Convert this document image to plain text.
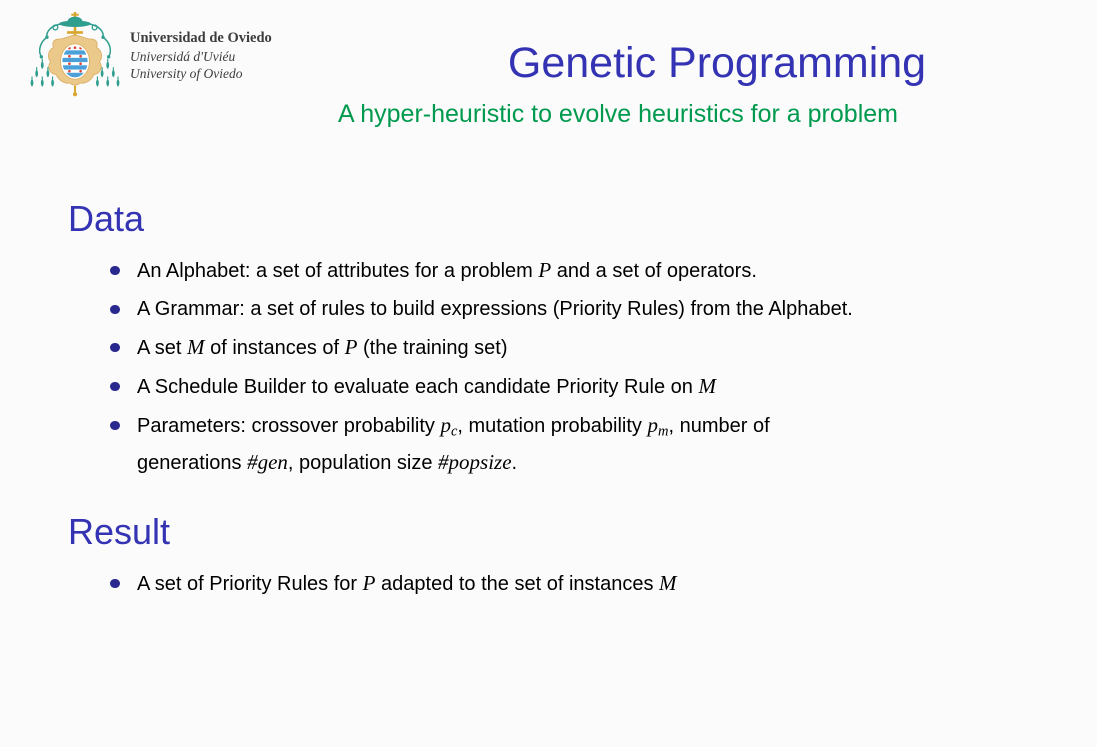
Universidad de Oviedo
Universidá d'Uviéu
University of Oviedo	Genetic Programming
A hyper-heuristic to evolve heuristics for a problem
Data
An Alphabet: a set of attributes for a problem P and a set of operators.
A Grammar: a set of rules to build expressions (Priority Rules) from the Alphabet.
A set M of instances of P (the training set)
A Schedule Builder to evaluate each candidate Priority Rule on M
Parameters: crossover probability $p_c$, mutation probability $p_m$, number of
generations #gen, population size #popsize.
Result
A set of Priority Rules for P adapted to the set of instances M
